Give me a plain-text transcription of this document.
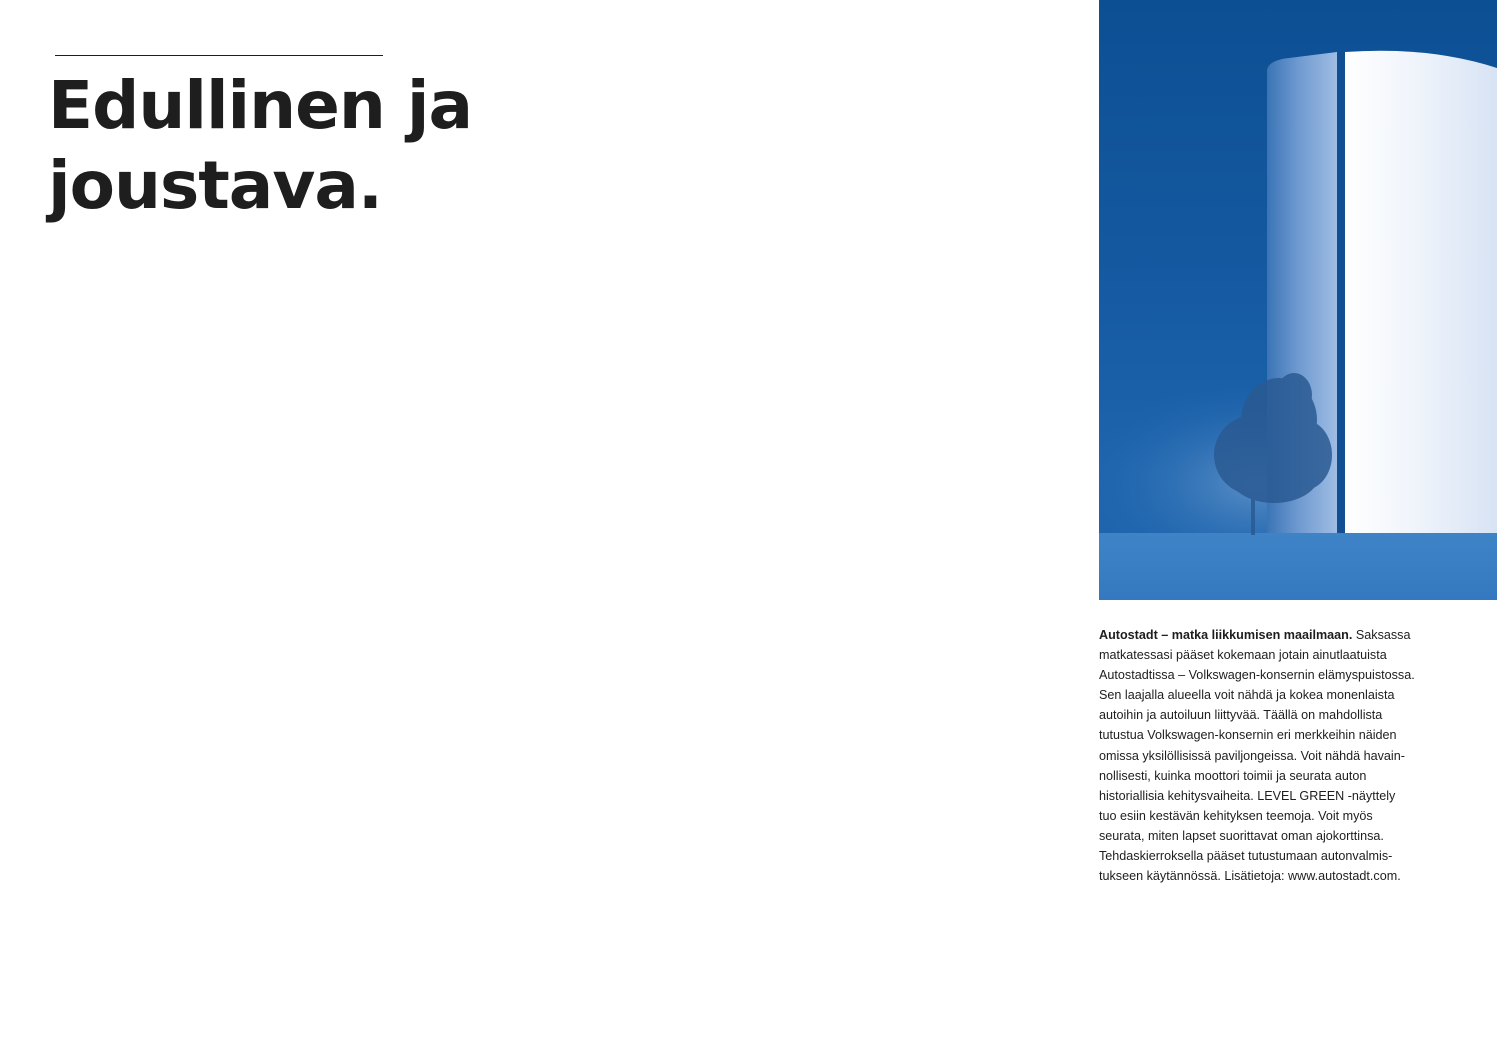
Edullinen ja
joustava.

Autostadt – matka liikkumisen maailmaan. Saksassa
matkatessasi pääset kokemaan jotain ainutlaatuista
Autostadtissa – Volkswagen-konsernin elämyspuistossa.
Sen laajalla alueella voit nähdä ja kokea monenlaista
autoihin ja autoiluun liittyvää. Täällä on mahdollista
tutustua Volkswagen-konsernin eri merkkeihin näiden
omissa yksilöllisissä paviljongeissa. Voit nähdä havain-
nollisesti, kuinka moottori toimii ja seurata auton
historiallisia kehitysvaiheita. LEVEL GREEN -näyttely
tuo esiin kestävän kehityksen teemoja. Voit myös
seurata, miten lapset suorittavat oman ajokorttinsa.
Tehdaskierroksella pääset tutustumaan autonvalmis-
tukseen käytännössä. Lisätietoja: www.autostadt.com.
